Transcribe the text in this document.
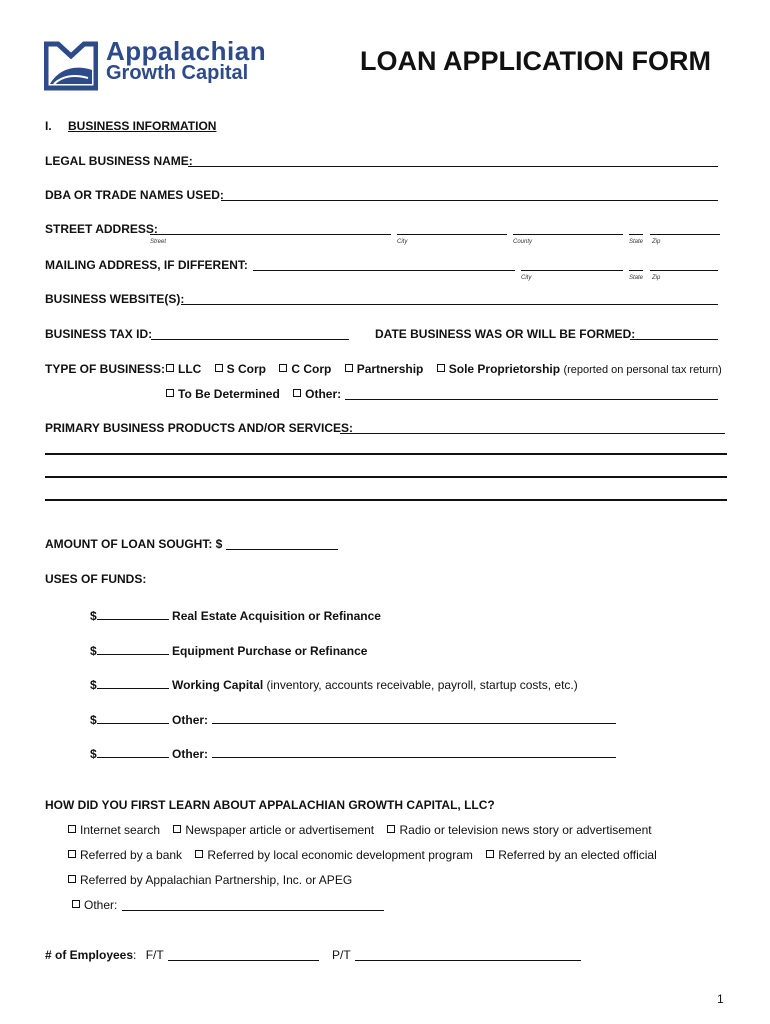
Appalachian
Growth Capital	LOAN APPLICATION FORM
I. BUSINESS INFORMATION
LEGAL BUSINESS NAME:
DBA OR TRADE NAMES USED:
STREET ADDRESS:
Street	City	County	State Zip
MAILING ADDRESS, IF DIFFERENT:
City	State Zip
BUSINESS WEBSITE(S):
BUSINESS TAX ID:	DATE BUSINESS WAS OR WILL BE FORMED:
TYPE OF BUSINESS:	LLC S Corp C Corp Partnership Sole Proprietorship (reported on personal tax return)
To Be Determined Other:
PRIMARY BUSINESS PRODUCTS AND/OR SERVICES:
AMOUNT OF LOAN SOUGHT: $
USES OF FUNDS:
$	Real Estate Acquisition or Refinance
$	Equipment Purchase or Refinance
$	Working Capital (inventory, accounts receivable, payroll, startup costs, etc.)
$	Other:
$	Other:
HOW DID YOU FIRST LEARN ABOUT APPALACHIAN GROWTH CAPITAL, LLC?
Internet search Newspaper article or advertisement Radio or television news story or advertisement
Referred by a bank Referred by local economic development program Referred by an elected official
Referred by Appalachian Partnership, Inc. or APEG
Other:
# of Employees: F/T	P/T
1
